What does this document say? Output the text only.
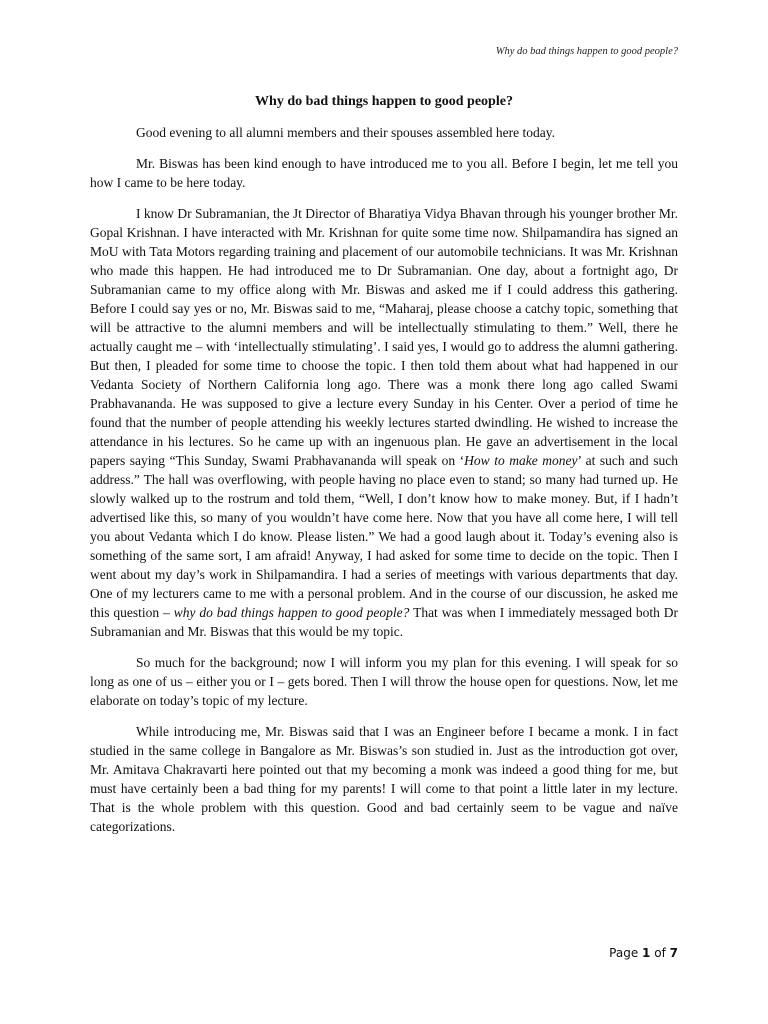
Why do bad things happen to good people?
Why do bad things happen to good people?

Good evening to all alumni members and their spouses assembled here today.

Mr. Biswas has been kind enough to have introduced me to you all. Before I begin, let me tell you how I came to be here today.

I know Dr Subramanian, the Jt Director of Bharatiya Vidya Bhavan through his younger brother Mr. Gopal Krishnan. I have interacted with Mr. Krishnan for quite some time now. Shilpamandira has signed an MoU with Tata Motors regarding training and placement of our automobile technicians. It was Mr. Krishnan who made this happen. He had introduced me to Dr Subramanian. One day, about a fortnight ago, Dr Subramanian came to my office along with Mr. Biswas and asked me if I could address this gathering. Before I could say yes or no, Mr. Biswas said to me, “Maharaj, please choose a catchy topic, something that will be attractive to the alumni members and will be intellectually stimulating to them.” Well, there he actually caught me – with ‘intellectually stimulating’. I said yes, I would go to address the alumni gathering. But then, I pleaded for some time to choose the topic. I then told them about what had happened in our Vedanta Society of Northern California long ago. There was a monk there long ago called Swami Prabhavananda. He was supposed to give a lecture every Sunday in his Center. Over a period of time he found that the number of people attending his weekly lectures started dwindling. He wished to increase the attendance in his lectures. So he came up with an ingenuous plan. He gave an advertisement in the local papers saying “This Sunday, Swami Prabhavananda will speak on ‘How to make money’ at such and such address.” The hall was overflowing, with people having no place even to stand; so many had turned up. He slowly walked up to the rostrum and told them, “Well, I don’t know how to make money. But, if I hadn’t advertised like this, so many of you wouldn’t have come here. Now that you have all come here, I will tell you about Vedanta which I do know. Please listen.” We had a good laugh about it. Today’s evening also is something of the same sort, I am afraid! Anyway, I had asked for some time to decide on the topic. Then I went about my day’s work in Shilpamandira. I had a series of meetings with various departments that day. One of my lecturers came to me with a personal problem. And in the course of our discussion, he asked me this question – why do bad things happen to good people? That was when I immediately messaged both Dr Subramanian and Mr. Biswas that this would be my topic.

So much for the background; now I will inform you my plan for this evening. I will speak for so long as one of us – either you or I – gets bored. Then I will throw the house open for questions. Now, let me elaborate on today’s topic of my lecture.

While introducing me, Mr. Biswas said that I was an Engineer before I became a monk. I in fact studied in the same college in Bangalore as Mr. Biswas’s son studied in. Just as the introduction got over, Mr. Amitava Chakravarti here pointed out that my becoming a monk was indeed a good thing for me, but must have certainly been a bad thing for my parents! I will come to that point a little later in my lecture. That is the whole problem with this question. Good and bad certainly seem to be vague and naïve categorizations.

Page 1 of 7
